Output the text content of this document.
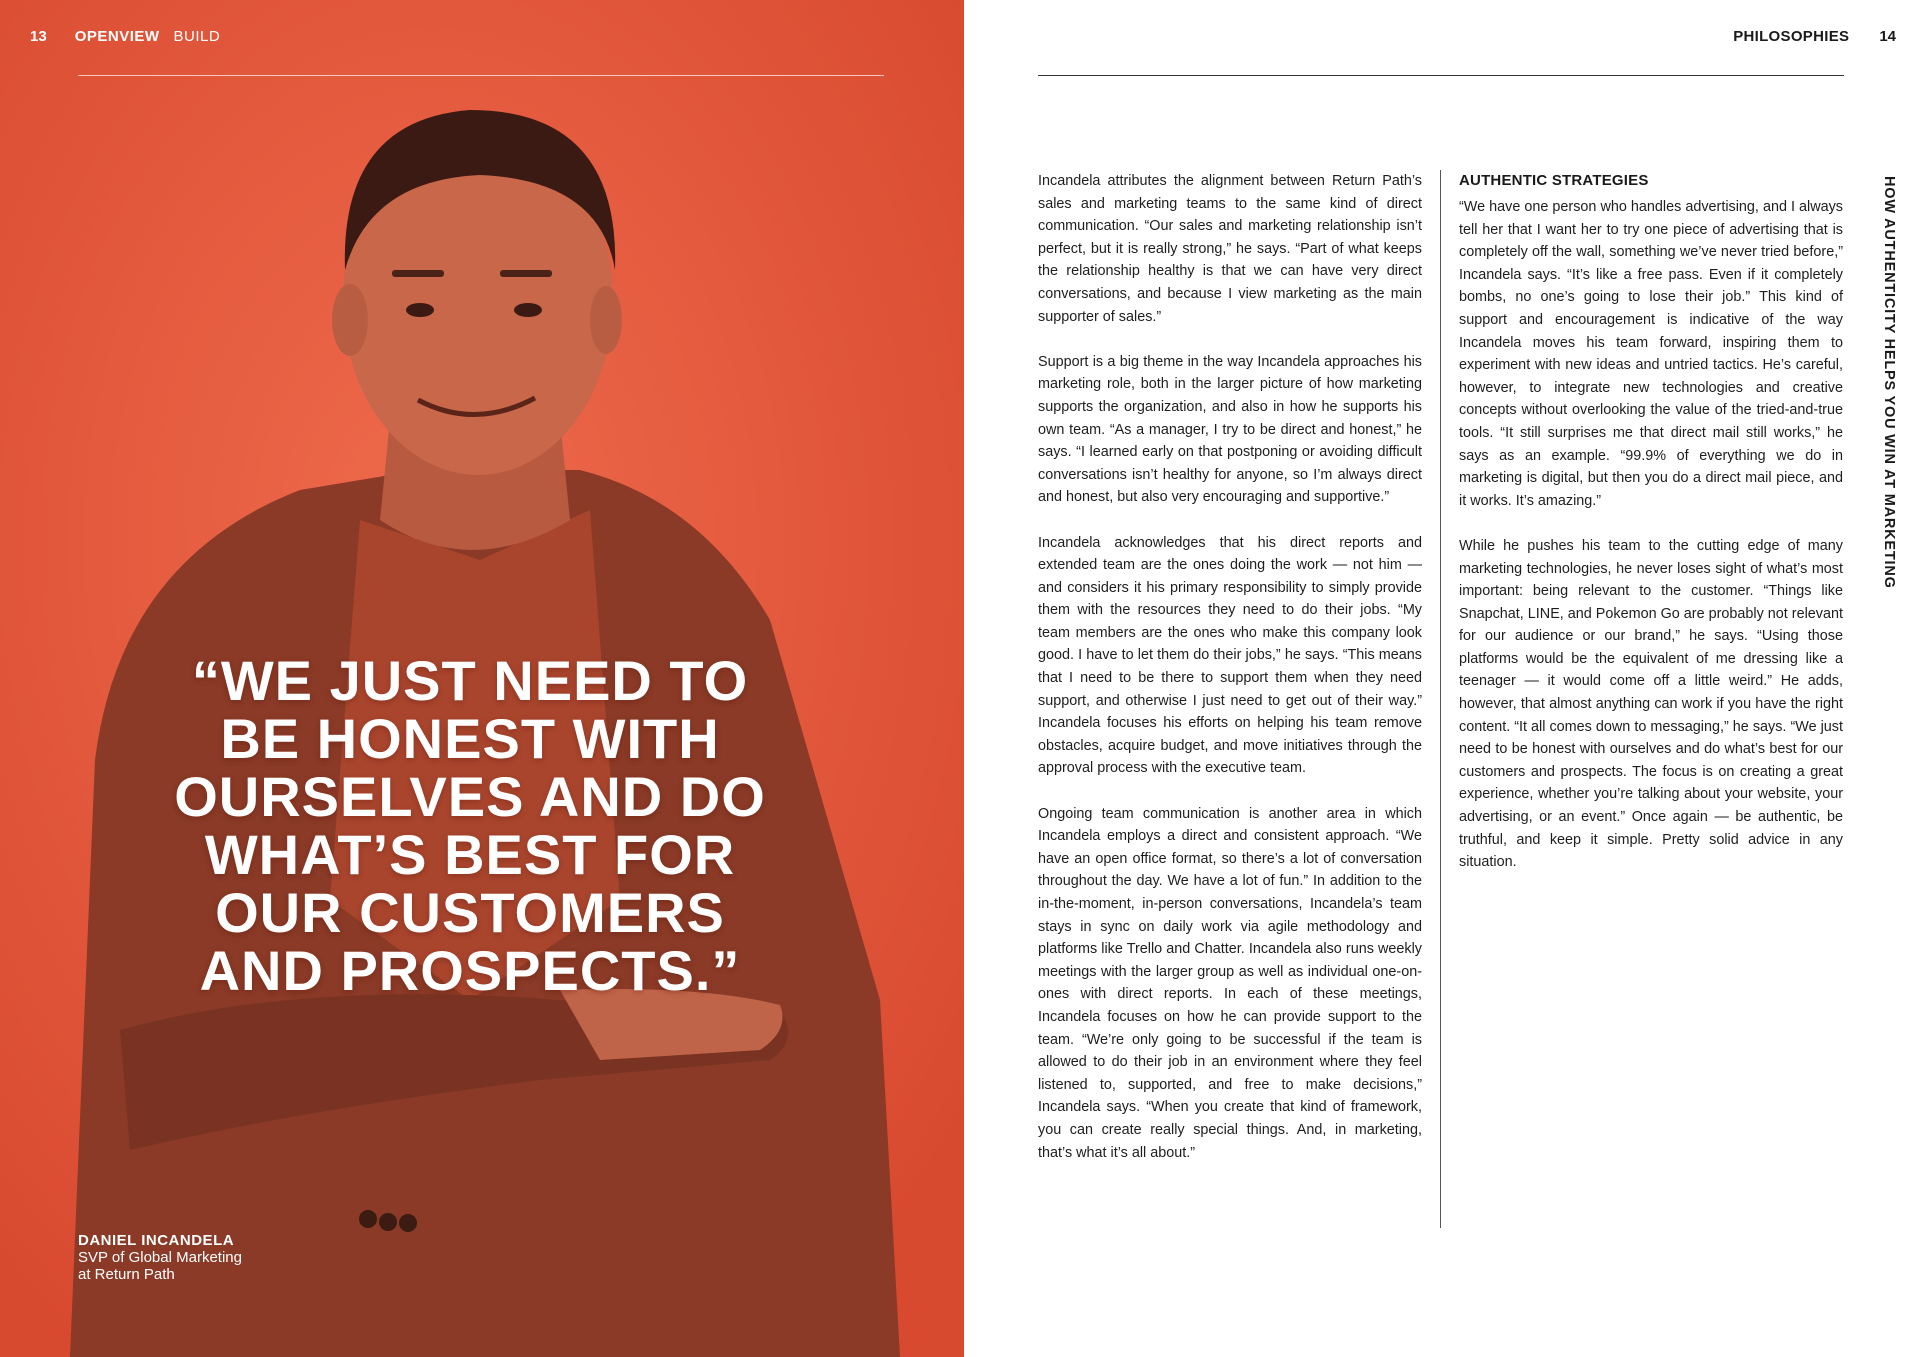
13 OPENVIEW BUILD
“WE JUST NEED TO
BE HONEST WITH
OURSELVES AND DO
WHAT’S BEST FOR
OUR CUSTOMERS
AND PROSPECTS.”
DANIEL INCANDELA
SVP of Global Marketing
at Return Path
PHILOSOPHIES 14

Incandela attributes the alignment between Return Path’s sales and marketing teams to the same kind of direct communication. “Our sales and marketing relationship isn’t perfect, but it is really strong,” he says. “Part of what keeps the relationship healthy is that we can have very direct conversations, and because I view marketing as the main supporter of sales.”

Support is a big theme in the way Incandela approaches his marketing role, both in the larger picture of how marketing supports the organization, and also in how he supports his own team. “As a manager, I try to be direct and honest,” he says. “I learned early on that postponing or avoiding difficult conversations isn’t healthy for anyone, so I’m always direct and honest, but also very encouraging and supportive.”

Incandela acknowledges that his direct reports and extended team are the ones doing the work — not him —and considers it his primary responsibility to simply provide them with the resources they need to do their jobs. “My team members are the ones who make this company look good. I have to let them do their jobs,” he says. “This means that I need to be there to support them when they need support, and otherwise I just need to get out of their way.” Incandela focuses his efforts on helping his team remove obstacles, acquire budget, and move initiatives through the approval process with the executive team.

Ongoing team communication is another area in which Incandela employs a direct and consistent approach. “We have an open office format, so there’s a lot of conversation throughout the day. We have a lot of fun.” In addition to the in-the-moment, in-person conversations, Incandela’s team stays in sync on daily work via agile methodology and platforms like Trello and Chatter. Incandela also runs weekly meetings with the larger group as well as individual one-on-ones with direct reports. In each of these meetings, Incandela focuses on how he can provide support to the team. “We’re only going to be successful if the team is allowed to do their job in an environment where they feel listened to, supported, and free to make decisions,” Incandela says. “When you create that kind of framework, you can create really special things. And, in marketing, that’s what it’s all about.”

AUTHENTIC STRATEGIES

“We have one person who handles advertising, and I always tell her that I want her to try one piece of advertising that is completely off the wall, something we’ve never tried before,” Incandela says. “It’s like a free pass. Even if it completely bombs, no one’s going to lose their job.” This kind of support and encouragement is indicative of the way Incandela moves his team forward, inspiring them to experiment with new ideas and untried tactics. He’s careful, however, to integrate new technologies and creative concepts without overlooking the value of the tried-and-true tools. “It still surprises me that direct mail still works,” he says as an example. “99.9% of everything we do in marketing is digital, but then you do a direct mail piece, and it works. It’s amazing.”

While he pushes his team to the cutting edge of many marketing technologies, he never loses sight of what’s most important: being relevant to the customer. “Things like Snapchat, LINE, and Pokemon Go are probably not relevant for our audience or our brand,” he says. “Using those platforms would be the equivalent of me dressing like a teenager — it would come off a little weird.” He adds, however, that almost anything can work if you have the right content. “It all comes down to messaging,” he says. “We just need to be honest with ourselves and do what’s best for our customers and prospects. The focus is on creating a great experience, whether you’re talking about your website, your advertising, or an event.” Once again — be authentic, be truthful, and keep it simple. Pretty solid advice in any situation.

HOW AUTHENTICITY HELPS YOU WIN AT MARKETING
